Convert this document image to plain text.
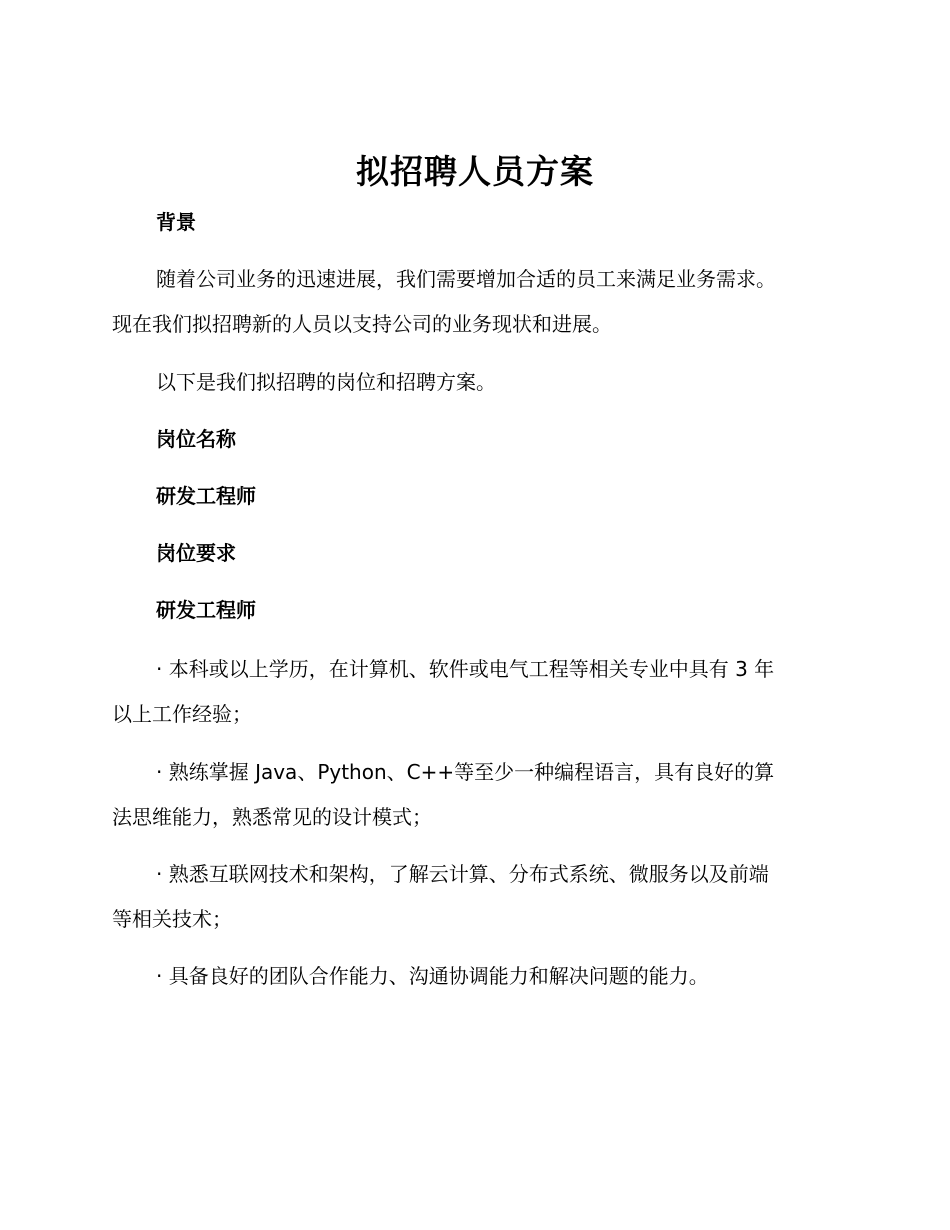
拟招聘人员方案
背景
随着公司业务的迅速进展，我们需要增加合适的员工来满足业务需求。
现在我们拟招聘新的人员以支持公司的业务现状和进展。
以下是我们拟招聘的岗位和招聘方案。
岗位名称
研发工程师
岗位要求
研发工程师
· 本科或以上学历，在计算机、软件或电气工程等相关专业中具有 3 年
以上工作经验；
· 熟练掌握 Java、Python、C++等至少一种编程语言，具有良好的算
法思维能力，熟悉常见的设计模式；
· 熟悉互联网技术和架构，了解云计算、分布式系统、微服务以及前端
等相关技术；
· 具备良好的团队合作能力、沟通协调能力和解决问题的能力。
